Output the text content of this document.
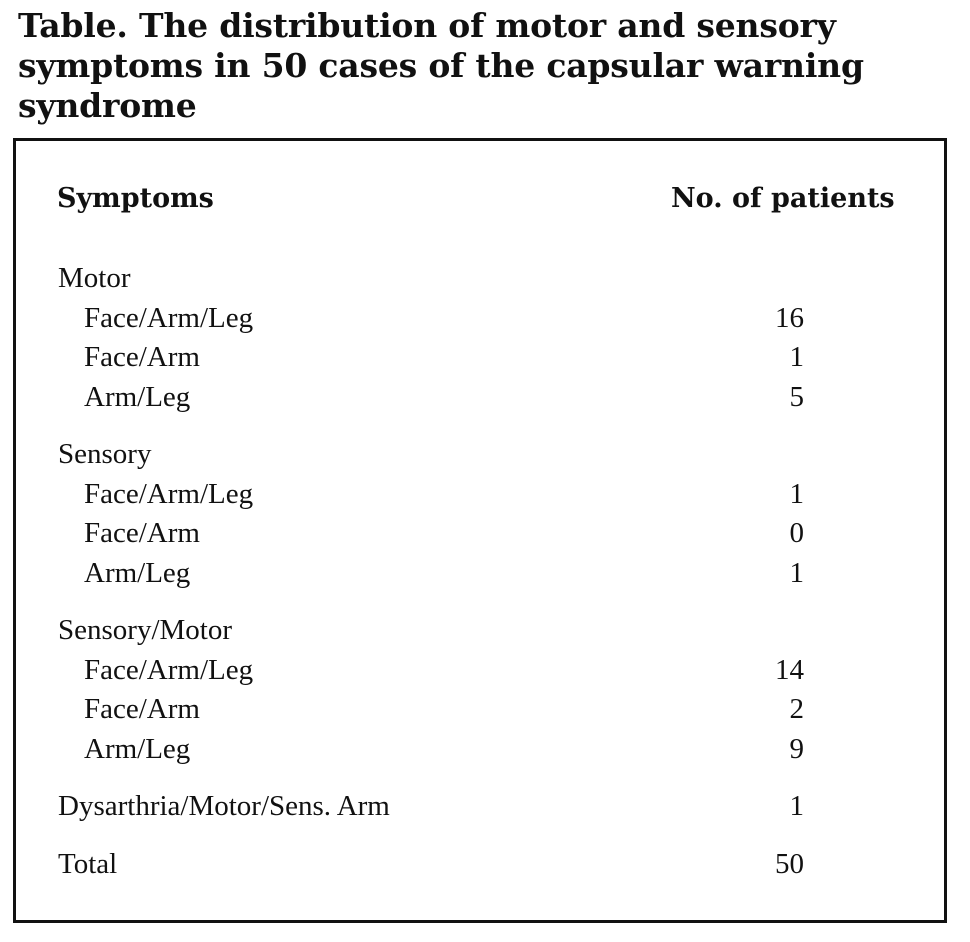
Table. The distribution of motor and sensory symptoms in 50 cases of the capsular warning syndrome
Symptoms	No. of patients
Motor
Face/Arm/Leg	16
Face/Arm	1
Arm/Leg	5
Sensory
Face/Arm/Leg	1
Face/Arm	0
Arm/Leg	1
Sensory/Motor
Face/Arm/Leg	14
Face/Arm	2
Arm/Leg	9
Dysarthria/Motor/Sens. Arm	1
Total	50
